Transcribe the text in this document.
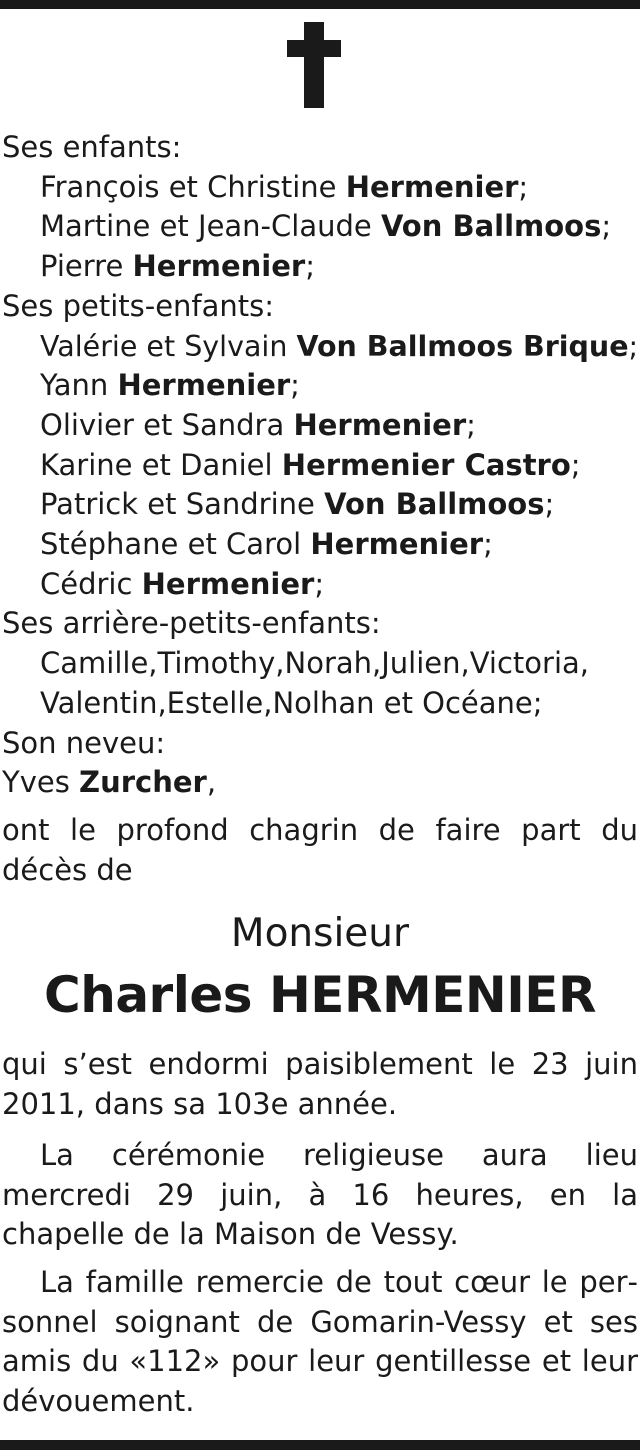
Ses enfants:
François et Christine Hermenier;
Martine et Jean-Claude Von Ballmoos;
Pierre Hermenier;
Ses petits-enfants:
Valérie et Sylvain Von Ballmoos Brique;
Yann Hermenier;
Olivier et Sandra Hermenier;
Karine et Daniel Hermenier Castro;
Patrick et Sandrine Von Ballmoos;
Stéphane et Carol Hermenier;
Cédric Hermenier;
Ses arrière-petits-enfants:
Camille,Timothy,Norah,Julien,Victoria,
Valentin,Estelle,Nolhan et Océane;
Son neveu:
Yves Zurcher,
ont le profond chagrin de faire part du décès de
Monsieur
Charles HERMENIER
qui s’est endormi paisiblement le 23 juin 2011, dans sa 103e année.
La cérémonie religieuse aura lieu mercredi 29 juin, à 16 heures, en la chapelle de la Maison de Vessy.
La famille remercie de tout cœur le personnel soignant de Gomarin-Vessy et ses amis du «112» pour leur gentillesse et leur dévouement.
